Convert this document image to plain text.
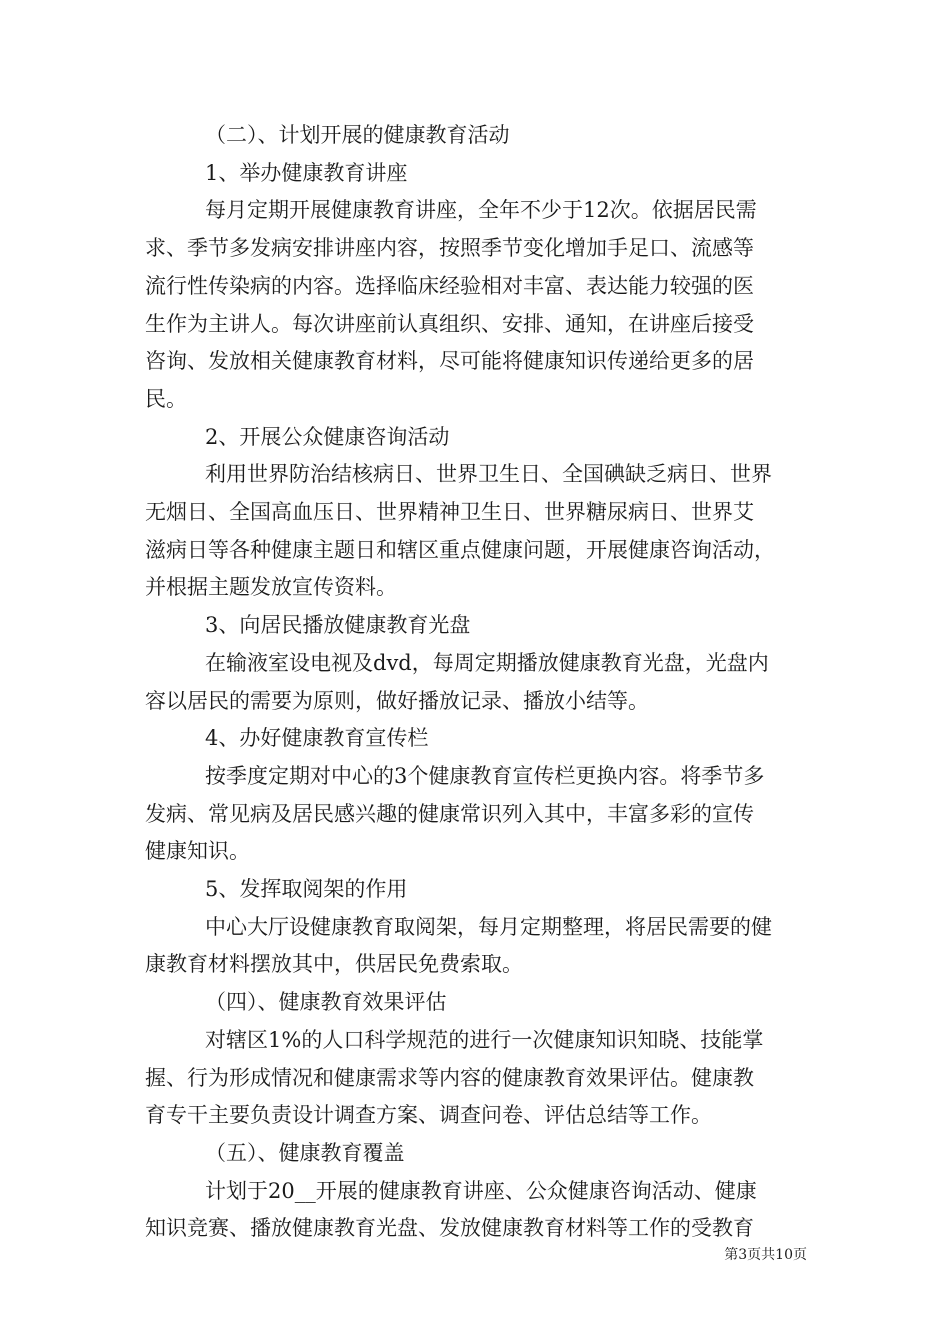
（二）、计划开展的健康教育活动

1、举办健康教育讲座

每月定期开展健康教育讲座，全年不少于12次。依据居民需

求、季节多发病安排讲座内容，按照季节变化增加手足口、流感等

流行性传染病的内容。选择临床经验相对丰富、表达能力较强的医

生作为主讲人。每次讲座前认真组织、安排、通知，在讲座后接受

咨询、发放相关健康教育材料，尽可能将健康知识传递给更多的居

民。

2、开展公众健康咨询活动

利用世界防治结核病日、世界卫生日、全国碘缺乏病日、世界

无烟日、全国高血压日、世界精神卫生日、世界糖尿病日、世界艾

滋病日等各种健康主题日和辖区重点健康问题，开展健康咨询活动，

并根据主题发放宣传资料。

3、向居民播放健康教育光盘

在输液室设电视及dvd，每周定期播放健康教育光盘，光盘内

容以居民的需要为原则，做好播放记录、播放小结等。

4、办好健康教育宣传栏

按季度定期对中心的3个健康教育宣传栏更换内容。将季节多

发病、常见病及居民感兴趣的健康常识列入其中，丰富多彩的宣传

健康知识。

5、发挥取阅架的作用

中心大厅设健康教育取阅架，每月定期整理，将居民需要的健

康教育材料摆放其中，供居民免费索取。

（四）、健康教育效果评估

对辖区1%的人口科学规范的进行一次健康知识知晓、技能掌

握、行为形成情况和健康需求等内容的健康教育效果评估。健康教

育专干主要负责设计调查方案、调查问卷、评估总结等工作。

（五）、健康教育覆盖

计划于20__开展的健康教育讲座、公众健康咨询活动、健康

知识竞赛、播放健康教育光盘、发放健康教育材料等工作的受教育

第3页共10页
